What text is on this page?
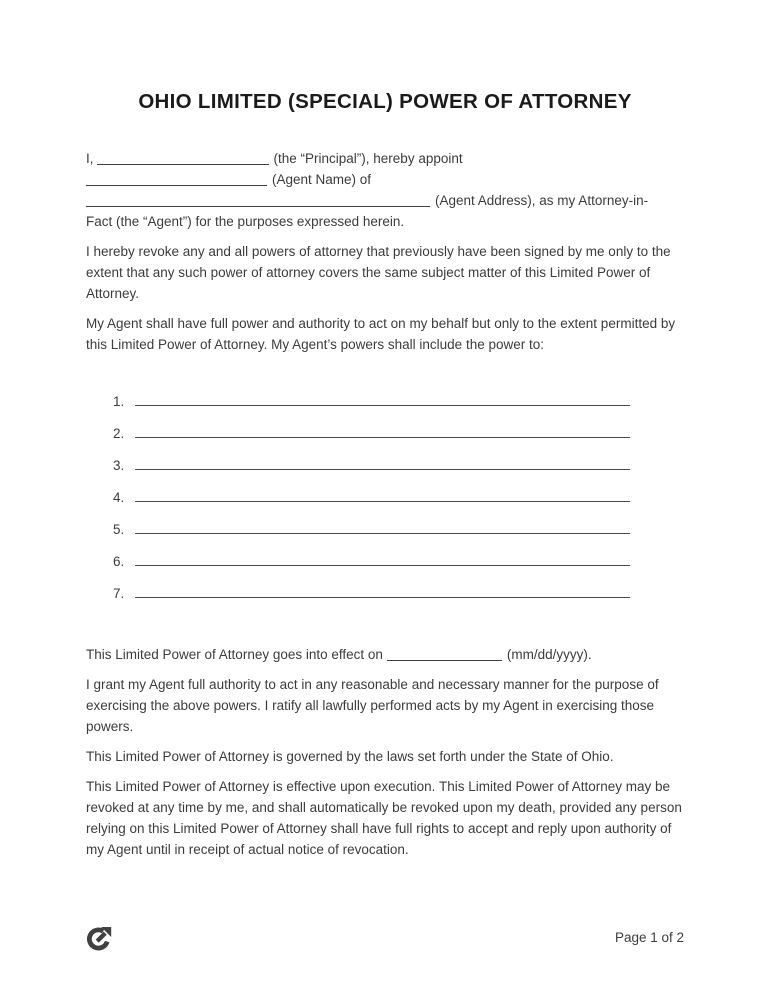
OHIO LIMITED (SPECIAL) POWER OF ATTORNEY
I,	(the “Principal”), hereby appoint
(Agent Name) of
(Agent Address), as my Attorney-in-
Fact (the “Agent”) for the purposes expressed herein.

I hereby revoke any and all powers of attorney that previously have been signed by me only to the extent that any such power of attorney covers the same subject matter of this Limited Power of Attorney.

My Agent shall have full power and authority to act on my behalf but only to the extent permitted by this Limited Power of Attorney. My Agent’s powers shall include the power to:

1.
2.
3.
4.
5.
6.
7.

This Limited Power of Attorney goes into effect on	(mm/dd/yyyy).

I grant my Agent full authority to act in any reasonable and necessary manner for the purpose of exercising the above powers. I ratify all lawfully performed acts by my Agent in exercising those powers.

This Limited Power of Attorney is governed by the laws set forth under the State of Ohio.

This Limited Power of Attorney is effective upon execution. This Limited Power of Attorney may be revoked at any time by me, and shall automatically be revoked upon my death, provided any person relying on this Limited Power of Attorney shall have full rights to accept and reply upon authority of my Agent until in receipt of actual notice of revocation.

Page 1 of 2
